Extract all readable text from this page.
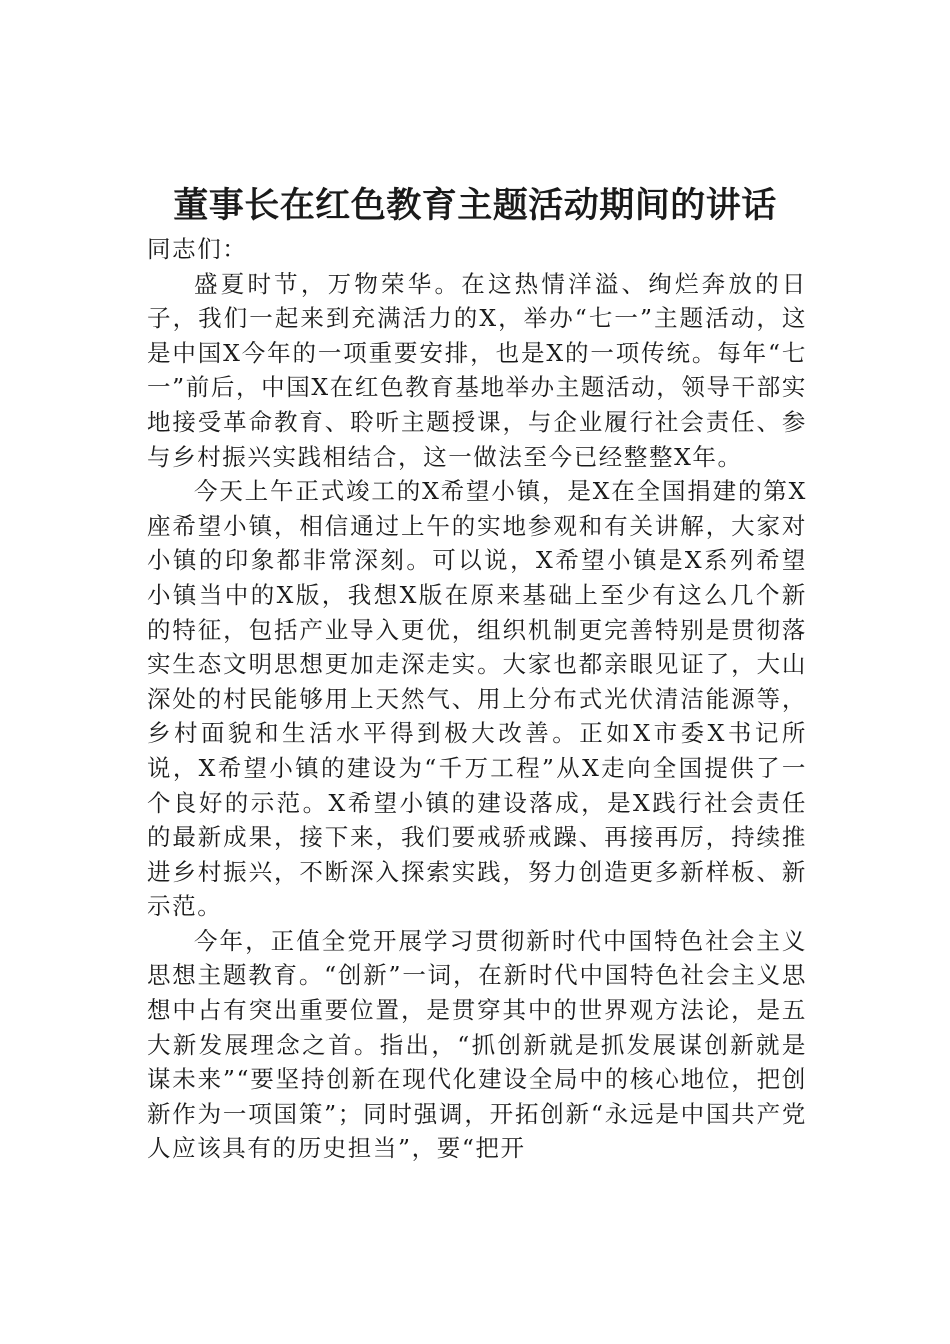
董事长在红色教育主题活动期间的讲话

同志们：

盛夏时节，万物荣华。在这热情洋溢、绚烂奔放的日子，我们一起来到充满活力的X，举办“七一”主题活动，这是中国X今年的一项重要安排，也是X的一项传统。每年“七一”前后，中国X在红色教育基地举办主题活动，领导干部实地接受革命教育、聆听主题授课，与企业履行社会责任、参与乡村振兴实践相结合，这一做法至今已经整整X年。

今天上午正式竣工的X希望小镇，是X在全国捐建的第X座希望小镇，相信通过上午的实地参观和有关讲解，大家对小镇的印象都非常深刻。可以说，X希望小镇是X系列希望小镇当中的X版，我想X版在原来基础上至少有这么几个新的特征，包括产业导入更优，组织机制更完善特别是贯彻落实生态文明思想更加走深走实。大家也都亲眼见证了，大山深处的村民能够用上天然气、用上分布式光伏清洁能源等，乡村面貌和生活水平得到极大改善。正如X市委X书记所说，X希望小镇的建设为“千万工程”从X走向全国提供了一个良好的示范。X希望小镇的建设落成，是X践行社会责任的最新成果，接下来，我们要戒骄戒躁、再接再厉，持续推进乡村振兴，不断深入探索实践，努力创造更多新样板、新示范。

今年，正值全党开展学习贯彻新时代中国特色社会主义思想主题教育。“创新”一词，在新时代中国特色社会主义思想中占有突出重要位置，是贯穿其中的世界观方法论，是五大新发展理念之首。指出，“抓创新就是抓发展谋创新就是谋未来”“要坚持创新在现代化建设全局中的核心地位，把创新作为一项国策”；同时强调，开拓创新“永远是中国共产党人应该具有的历史担当”，要“把开
